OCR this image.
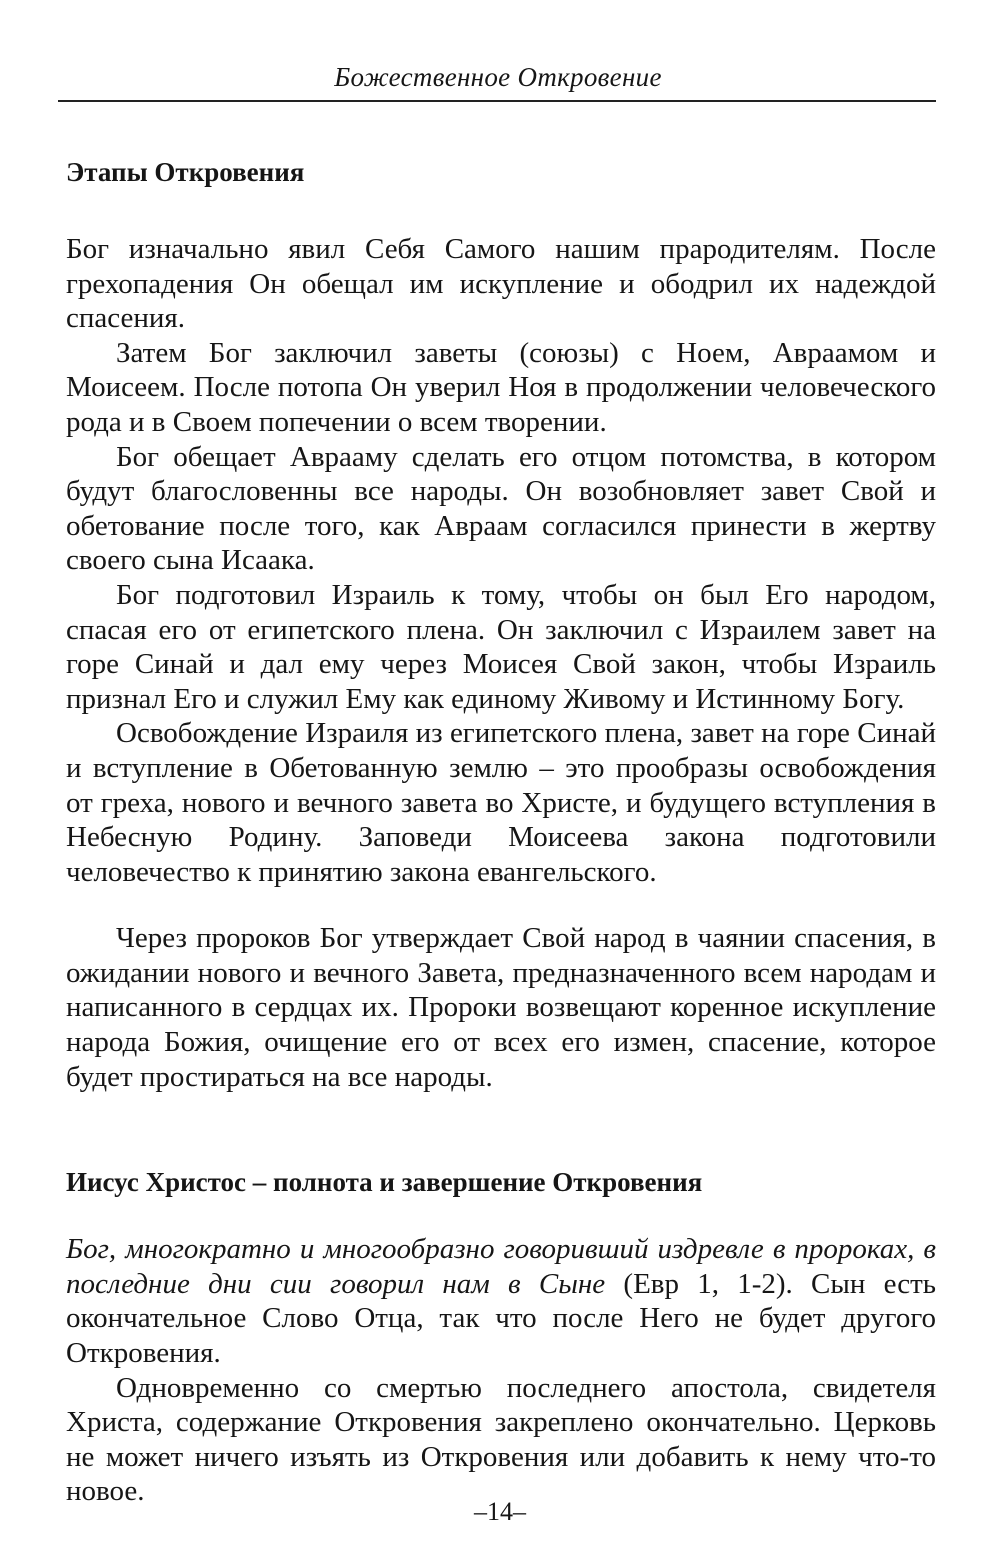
Божественное Откровение
Этапы Откровения

Бог изначально явил Себя Самого нашим прародителям. После грехопадения Он обещал им искупление и ободрил их надеждой спасения.

Затем Бог заключил заветы (союзы) с Ноем, Авраамом и Моисеем. После потопа Он уверил Ноя в продолжении человеческого рода и в Своем попечении о всем творении.

Бог обещает Аврааму сделать его отцом потомства, в котором будут благословенны все народы. Он возобновляет завет Свой и обетование после того, как Авраам согласился принести в жертву своего сына Исаака.

Бог подготовил Израиль к тому, чтобы он был Его народом, спасая его от египетского плена. Он заключил с Израилем завет на горе Синай и дал ему через Моисея Свой закон, чтобы Израиль признал Его и служил Ему как единому Живому и Истинному Богу.

Освобождение Израиля из египетского плена, завет на горе Синай и вступление в Обетованную землю – это прообразы освобождения от греха, нового и вечного завета во Христе, и будущего вступления в Небесную Родину. Заповеди Моисеева закона подготовили человечество к принятию закона евангельского.

Через пророков Бог утверждает Свой народ в чаянии спасения, в ожидании нового и вечного Завета, предназначенного всем народам и написанного в сердцах их. Пророки возвещают коренное искупление народа Божия, очищение его от всех его измен, спасение, которое будет простираться на все народы.

Иисус Христос – полнота и завершение Откровения

Бог, многократно и многообразно говоривший издревле в пророках, в последние дни сии говорил нам в Сыне (Евр 1, 1-2). Сын есть окончательное Слово Отца, так что после Него не будет другого Откровения.

Одновременно со смертью последнего апостола, свидетеля Христа, содержание Откровения закреплено окончательно. Церковь не может ничего изъять из Откровения или добавить к нему что-то новое.

–14–
